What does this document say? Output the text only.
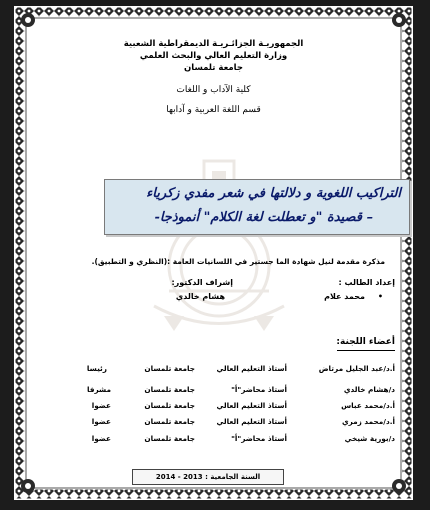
الجمهوريـة الجزائـريـة الديمقراطية الشعبية
وزارة التعليم العالي والبحث العلمي
جامعة تلمسان
كلية الآداب و اللغات
قسم اللغة العربية و آدابها
التراكيب اللغوية و دلالتها في شعر مفدي زكرياء
– قصيدة "و تعطلت لغة الكلام" أنموذجا-
مذكرة مقدمة لنيل شهادة الما جستير في اللسانيات العامة :(النظري و التطبيق).
إعداد الطالب :
•
محمد علام
إشراف الدكتور:
هشام خالدي
أعضاء اللجنة:
أ.د/عبد الجليل مرتاض
أستاذ التعليم العالي
جامعة تلمسان
رئيسا
د/هشام خالدي
أستاذ محاضر"أ"
جامعة تلمسان
مشرفا
أ.د/محمد عباس
أستاذ التعليم العالي
جامعة تلمسان
عضوا
أ.د/محمد زمري
أستاذ التعليم العالي
جامعة تلمسان
عضوا
د/بورية شيخي
أستاذ محاضر"أ"
جامعة تلمسان
عضوا
السنة الجامعية : 2013 - 2014
